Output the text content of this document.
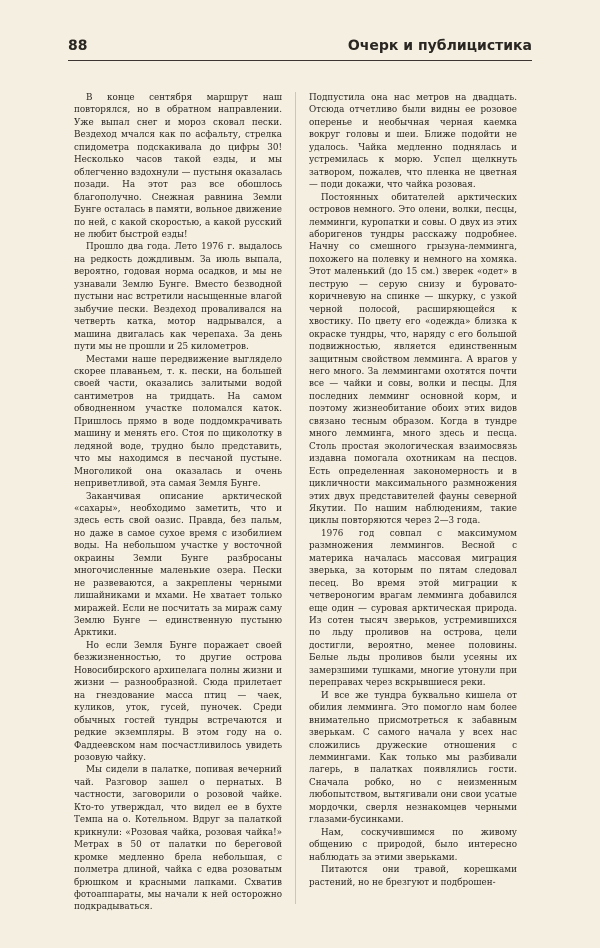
88	Очерк и публицистика

В конце сентября маршрут наш повторялся, но в обратном направлении. Уже выпал снег и мороз сковал пески. Вездеход мчался как по асфальту, стрелка спидометра подскакивала до цифры 30! Несколько часов такой езды, и мы облегченно вздохнули — пустыня оказалась позади. На этот раз все обошлось благополучно. Снежная равнина Земли Бунге осталась в памяти, вольное движение по ней, с какой скоростью, а какой русский не любит быстрой езды!

Прошло два года. Лето 1976 г. выдалось на редкость дождливым. За июль выпала, вероятно, годовая норма осадков, и мы не узнавали Землю Бунге. Вместо безводной пустыни нас встретили насыщенные влагой зыбучие пески. Вездеход проваливался на четверть катка, мотор надрывался, а машина двигалась как черепаха. За день пути мы не прошли и 25 километров.

Местами наше передвижение выглядело скорее плаваньем, т. к. пески, на большей своей части, оказались залитыми водой сантиметров на тридцать. На самом обводненном участке поломался каток. Пришлось прямо в воде поддомкрачивать машину и менять его. Стоя по щиколотку в ледяной воде, трудно было представить, что мы находимся в песчаной пустыне. Многоликой она оказалась и очень неприветливой, эта самая Земля Бунге.

Заканчивая описание арктической «сахары», необходимо заметить, что и здесь есть свой оазис. Правда, без пальм, но даже в самое сухое время с изобилием воды. На небольшом участке у восточной окраины Земли Бунге разбросаны многочисленные маленькие озера. Пески не развеваются, а закреплены черными лишайниками и мхами. Не хватает только миражей. Если не посчитать за мираж саму Землю Бунге — единственную пустыню Арктики.

Но если Земля Бунге поражает своей безжизненностью, то другие острова Новосибирского архипелага полны жизни и жизни — разнообразной. Сюда прилетает на гнездование масса птиц — чаек, куликов, уток, гусей, пуночек. Среди обычных гостей тундры встречаются и редкие экземпляры. В этом году на о. Фаддеевском нам посчастливилось увидеть розовую чайку.

Мы сидели в палатке, попивая вечерний чай. Разговор зашел о пернатых. В частности, заговорили о розовой чайке. Кто-то утверждал, что видел ее в бухте Темпа на о. Котельном. Вдруг за палаткой крикнули: «Розовая чайка, розовая чайка!» Метрах в 50 от палатки по береговой кромке медленно брела небольшая, с полметра длиной, чайка с едва розоватым брюшком и красными лапками. Схватив фотоаппараты, мы начали к ней осторожно подкрадываться.

Подпустила она нас метров на двадцать. Отсюда отчетливо были видны ее розовое оперенье и необычная черная каемка вокруг головы и шеи. Ближе подойти не удалось. Чайка медленно поднялась и устремилась к морю. Успел щелкнуть затвором, пожалев, что пленка не цветная — поди докажи, что чайка розовая.

Постоянных обитателей арктических островов немного. Это олени, волки, песцы, лемминги, куропатки и совы. О двух из этих аборигенов тундры расскажу подробнее. Начну со смешного грызуна-лемминга, похожего на полевку и немного на хомяка. Этот маленький (до 15 см.) зверек «одет» в пеструю — серую снизу и буровато-коричневую на спинке — шкурку, с узкой черной полосой, расширяющейся к хвостику. По цвету его «одежда» близка к окраске тундры, что, наряду с его большой подвижностью, является единственным защитным свойством лемминга. А врагов у него много. За леммингами охотятся почти все — чайки и совы, волки и песцы. Для последних лемминг основной корм, и поэтому жизнеобитание обоих этих видов связано тесным образом. Когда в тундре много лемминга, много здесь и песца. Столь простая экологическая взаимосвязь издавна помогала охотникам на песцов. Есть определенная закономерность и в цикличности максимального размножения этих двух представителей фауны северной Якутии. По нашим наблюдениям, такие циклы повторяются через 2—3 года.

1976 год совпал с максимумом размножения леммингов. Весной с материка началась массовая миграция зверька, за которым по пятам следовал песец. Во время этой миграции к четвероногим врагам лемминга добавился еще один — суровая арктическая природа. Из сотен тысяч зверьков, устремившихся по льду проливов на острова, цели достигли, вероятно, менее половины. Белые льды проливов были усеяны их замерзшими тушками, многие утонули при переправах через вскрывшиеся реки.

И все же тундра буквально кишела от обилия лемминга. Это помогло нам более внимательно присмотреться к забавным зверькам. С самого начала у всех нас сложились дружеские отношения с леммингами. Как только мы разбивали лагерь, в палатках появлялись гости. Сначала робко, но с неизменным любопытством, вытягивали они свои усатые мордочки, сверля незнакомцев черными глазами-бусинками.

Нам, соскучившимся по живому общению с природой, было интересно наблюдать за этими зверьками.

Питаются они травой, корешками растений, но не брезгуют и подброшен-
